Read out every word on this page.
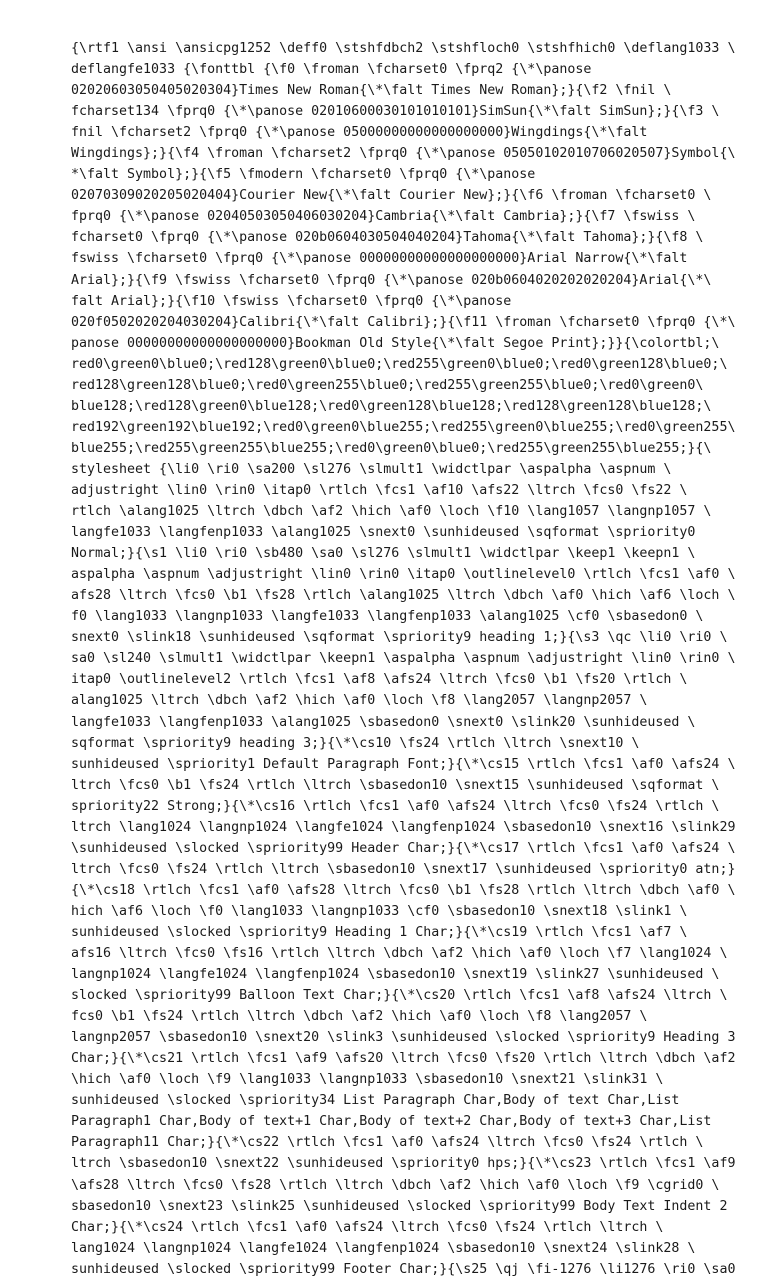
{\rtf1 \ansi \ansicpg1252 \deff0 \stshfdbch2 \stshfloch0 \stshfhich0 \deflang1033 \
deflangfe1033 {\fonttbl {\f0 \froman \fcharset0 \fprq2 {\*\panose
02020603050405020304}Times New Roman{\*\falt Times New Roman};}{\f2 \fnil \
fcharset134 \fprq0 {\*\panose 02010600030101010101}SimSun{\*\falt SimSun};}{\f3 \
fnil \fcharset2 \fprq0 {\*\panose 05000000000000000000}Wingdings{\*\falt
Wingdings};}{\f4 \froman \fcharset2 \fprq0 {\*\panose 05050102010706020507}Symbol{\
*\falt Symbol};}{\f5 \fmodern \fcharset0 \fprq0 {\*\panose
02070309020205020404}Courier New{\*\falt Courier New};}{\f6 \froman \fcharset0 \
fprq0 {\*\panose 02040503050406030204}Cambria{\*\falt Cambria};}{\f7 \fswiss \
fcharset0 \fprq0 {\*\panose 020b0604030504040204}Tahoma{\*\falt Tahoma};}{\f8 \
fswiss \fcharset0 \fprq0 {\*\panose 00000000000000000000}Arial Narrow{\*\falt
Arial};}{\f9 \fswiss \fcharset0 \fprq0 {\*\panose 020b0604020202020204}Arial{\*\
falt Arial};}{\f10 \fswiss \fcharset0 \fprq0 {\*\panose
020f0502020204030204}Calibri{\*\falt Calibri};}{\f11 \froman \fcharset0 \fprq0 {\*\
panose 00000000000000000000}Bookman Old Style{\*\falt Segoe Print};}}{\colortbl;\
red0\green0\blue0;\red128\green0\blue0;\red255\green0\blue0;\red0\green128\blue0;\
red128\green128\blue0;\red0\green255\blue0;\red255\green255\blue0;\red0\green0\
blue128;\red128\green0\blue128;\red0\green128\blue128;\red128\green128\blue128;\
red192\green192\blue192;\red0\green0\blue255;\red255\green0\blue255;\red0\green255\
blue255;\red255\green255\blue255;\red0\green0\blue0;\red255\green255\blue255;}{\
stylesheet {\li0 \ri0 \sa200 \sl276 \slmult1 \widctlpar \aspalpha \aspnum \
adjustright \lin0 \rin0 \itap0 \rtlch \fcs1 \af10 \afs22 \ltrch \fcs0 \fs22 \
rtlch \alang1025 \ltrch \dbch \af2 \hich \af0 \loch \f10 \lang1057 \langnp1057 \
langfe1033 \langfenp1033 \alang1025 \snext0 \sunhideused \sqformat \spriority0
Normal;}{\s1 \li0 \ri0 \sb480 \sa0 \sl276 \slmult1 \widctlpar \keep1 \keepn1 \
aspalpha \aspnum \adjustright \lin0 \rin0 \itap0 \outlinelevel0 \rtlch \fcs1 \af0 \
afs28 \ltrch \fcs0 \b1 \fs28 \rtlch \alang1025 \ltrch \dbch \af0 \hich \af6 \loch \
f0 \lang1033 \langnp1033 \langfe1033 \langfenp1033 \alang1025 \cf0 \sbasedon0 \
snext0 \slink18 \sunhideused \sqformat \spriority9 heading 1;}{\s3 \qc \li0 \ri0 \
sa0 \sl240 \slmult1 \widctlpar \keepn1 \aspalpha \aspnum \adjustright \lin0 \rin0 \
itap0 \outlinelevel2 \rtlch \fcs1 \af8 \afs24 \ltrch \fcs0 \b1 \fs20 \rtlch \
alang1025 \ltrch \dbch \af2 \hich \af0 \loch \f8 \lang2057 \langnp2057 \
langfe1033 \langfenp1033 \alang1025 \sbasedon0 \snext0 \slink20 \sunhideused \
sqformat \spriority9 heading 3;}{\*\cs10 \fs24 \rtlch \ltrch \snext10 \
sunhideused \spriority1 Default Paragraph Font;}{\*\cs15 \rtlch \fcs1 \af0 \afs24 \
ltrch \fcs0 \b1 \fs24 \rtlch \ltrch \sbasedon10 \snext15 \sunhideused \sqformat \
spriority22 Strong;}{\*\cs16 \rtlch \fcs1 \af0 \afs24 \ltrch \fcs0 \fs24 \rtlch \
ltrch \lang1024 \langnp1024 \langfe1024 \langfenp1024 \sbasedon10 \snext16 \slink29
\sunhideused \slocked \spriority99 Header Char;}{\*\cs17 \rtlch \fcs1 \af0 \afs24 \
ltrch \fcs0 \fs24 \rtlch \ltrch \sbasedon10 \snext17 \sunhideused \spriority0 atn;}
{\*\cs18 \rtlch \fcs1 \af0 \afs28 \ltrch \fcs0 \b1 \fs28 \rtlch \ltrch \dbch \af0 \
hich \af6 \loch \f0 \lang1033 \langnp1033 \cf0 \sbasedon10 \snext18 \slink1 \
sunhideused \slocked \spriority9 Heading 1 Char;}{\*\cs19 \rtlch \fcs1 \af7 \
afs16 \ltrch \fcs0 \fs16 \rtlch \ltrch \dbch \af2 \hich \af0 \loch \f7 \lang1024 \
langnp1024 \langfe1024 \langfenp1024 \sbasedon10 \snext19 \slink27 \sunhideused \
slocked \spriority99 Balloon Text Char;}{\*\cs20 \rtlch \fcs1 \af8 \afs24 \ltrch \
fcs0 \b1 \fs24 \rtlch \ltrch \dbch \af2 \hich \af0 \loch \f8 \lang2057 \
langnp2057 \sbasedon10 \snext20 \slink3 \sunhideused \slocked \spriority9 Heading 3
Char;}{\*\cs21 \rtlch \fcs1 \af9 \afs20 \ltrch \fcs0 \fs20 \rtlch \ltrch \dbch \af2
\hich \af0 \loch \f9 \lang1033 \langnp1033 \sbasedon10 \snext21 \slink31 \
sunhideused \slocked \spriority34 List Paragraph Char,Body of text Char,List
Paragraph1 Char,Body of text+1 Char,Body of text+2 Char,Body of text+3 Char,List
Paragraph11 Char;}{\*\cs22 \rtlch \fcs1 \af0 \afs24 \ltrch \fcs0 \fs24 \rtlch \
ltrch \sbasedon10 \snext22 \sunhideused \spriority0 hps;}{\*\cs23 \rtlch \fcs1 \af9
\afs28 \ltrch \fcs0 \fs28 \rtlch \ltrch \dbch \af2 \hich \af0 \loch \f9 \cgrid0 \
sbasedon10 \snext23 \slink25 \sunhideused \slocked \spriority99 Body Text Indent 2
Char;}{\*\cs24 \rtlch \fcs1 \af0 \afs24 \ltrch \fcs0 \fs24 \rtlch \ltrch \
lang1024 \langnp1024 \langfe1024 \langfenp1024 \sbasedon10 \snext24 \slink28 \
sunhideused \slocked \spriority99 Footer Char;}{\s25 \qj \fi-1276 \li1276 \ri0 \sa0
